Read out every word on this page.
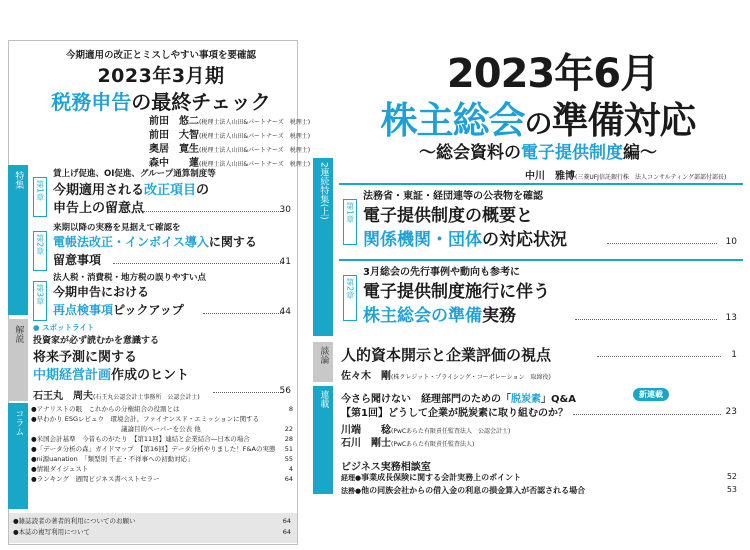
今期適用の改正とミスしやすい事項を要確認
2023年3月期
税務申告の最終チェック
前田　悠二(税理士法人山田&パートナーズ　税理士)
前田　大智(税理士法人山田&パートナーズ　税理士)
奥居　寛生(税理士法人山田&パートナーズ　税理士)
森中　　蓮(税理士法人山田&パートナーズ　税理士)
特集	第1章
賃上げ促進、OI促進、グループ通算制度等
今期適用される改正項目の
申告上の留意点	30
第2章
来期以降の実務を見据えて確認を
電帳法改正・インボイス導入に関する
留意事項	41
第3章
法人税・消費税・地方税の誤りやすい点
今期申告における
再点検事項ピックアップ	44
解説	● スポットライト
投資家が必ず読むかを意識する
将来予測に関する
中期経営計画作成のヒント
石王丸　周夫(石王丸公認会計士事務所　公認会計士)
56
コラム	●アナリストの眼　 これからの分権組合の役割とは	8
●早わかり ESGレビュウ　 環境会計、ファイナンスド・エミッションに関する
議論目的ペーパーを公表 他	22
●米国会計基準　今昔ものがたり　 【第11回】連結と企業結合―日本の場合	28
●「データ分析の森」ガイドマップ　 【第16回】データ分析やりました！F&Aの実態 51
●ni源uanation　 「類型別 不正・不祥事への初動対応」	55
●情報ダイジェスト	4
●ランキング　 週間ビジネス書ベストセラー	64
●雑誌読者の著者的利用についてのお願い	64
●本誌の複写利用について	64
2023年6月
株主総会の準備対応
～総会資料の電子提供制度編～
中川　雅博(三菱UFJ信託銀行株　法人コンサルティング部部付部長)
2連続特集(上)	第1章
法務省・東証・経団連等の公表物を確認
電子提供制度の概要と
関係機関・団体の対応状況	10
第2章
3月総会の先行事例や動向も参考に
電子提供制度施行に伴う
株主総会の準備実務	13
談論 人的資本開示と企業評価の視点
佐々木　剛(株クレジット・プライシング・コーポレーション　取締役)
1
連載	今さら聞けない　経理部門のための「脱炭素」Q&A	新連載
【第1回】どうして企業が脱炭素に取り組むのか？	23
川端　　稔(PwCあらた有限責任監査法人　公認会計士)
石川　剛士(PwCあらた有限責任監査法人)
ビジネス実務相談室
経理●事業成長保険に関する会計実務上のポイント	52
法務●他の同族会社からの借入金の利息の損金算入が否認される場合	53
